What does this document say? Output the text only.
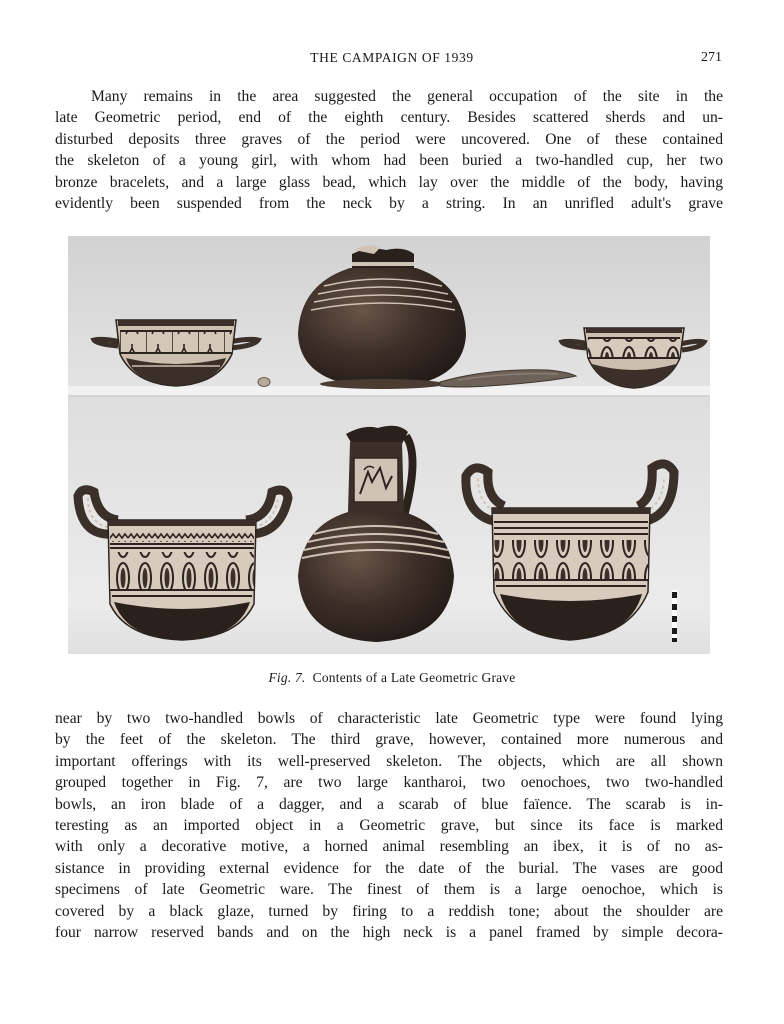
THE CAMPAIGN OF 1939	271

Many remains in the area suggested the general occupation of the site in the
late Geometric period, end of the eighth century. Besides scattered sherds and un-
disturbed deposits three graves of the period were uncovered. One of these contained
the skeleton of a young girl, with whom had been buried a two-handled cup, her two
bronze bracelets, and a large glass bead, which lay over the middle of the body, having
evidently been suspended from the neck by a string. In an unrifled adult's grave

Fig. 7. Contents of a Late Geometric Grave

near by two two-handled bowls of characteristic late Geometric type were found lying
by the feet of the skeleton. The third grave, however, contained more numerous and
important offerings with its well-preserved skeleton. The objects, which are all shown
grouped together in Fig. 7, are two large kantharoi, two oenochoes, two two-handled
bowls, an iron blade of a dagger, and a scarab of blue faïence. The scarab is in-
teresting as an imported object in a Geometric grave, but since its face is marked
with only a decorative motive, a horned animal resembling an ibex, it is of no as-
sistance in providing external evidence for the date of the burial. The vases are good
specimens of late Geometric ware. The finest of them is a large oenochoe, which is
covered by a black glaze, turned by firing to a reddish tone; about the shoulder are
four narrow reserved bands and on the high neck is a panel framed by simple decora-
